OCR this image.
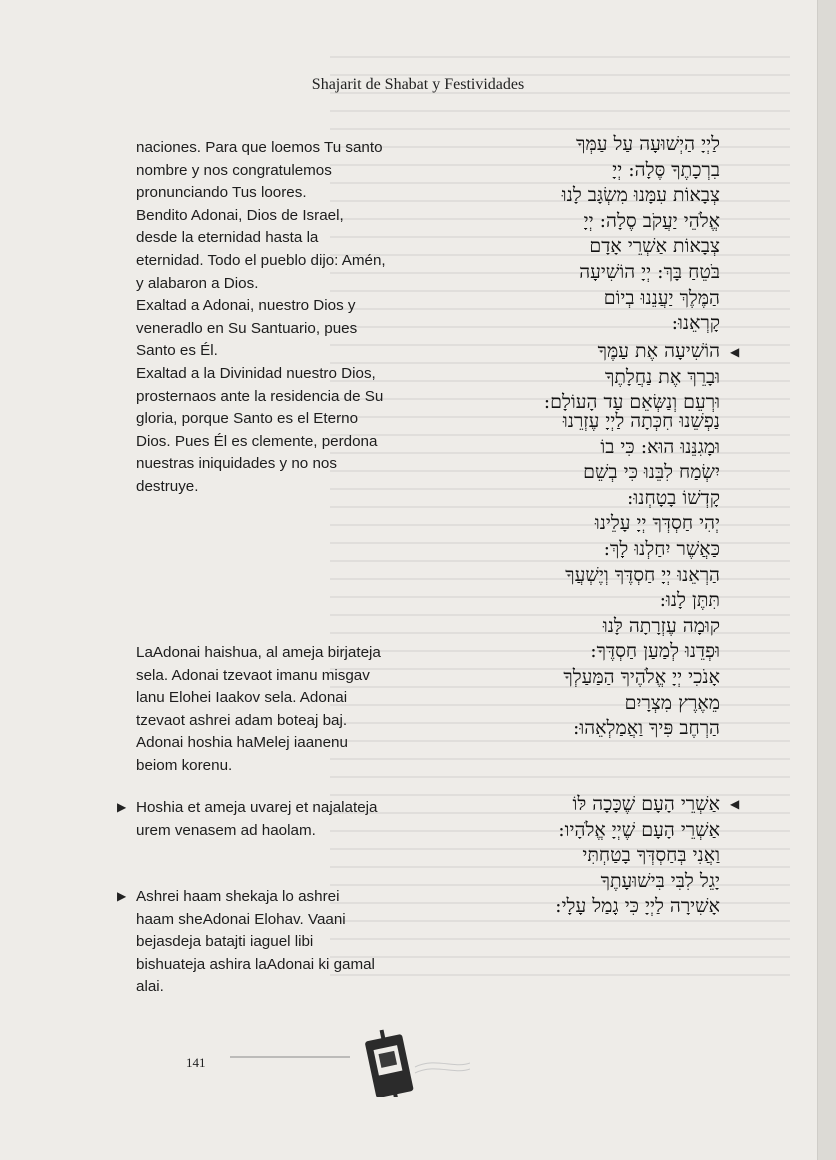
Shajarit de Shabat y Festividades

naciones. Para que loemos Tu santo nombre y nos congratulemos pronunciando Tus loores.

Bendito Adonai, Dios de Israel, desde la eternidad hasta la eternidad. Todo el pueblo dijo: Amén, y alabaron a Dios.

Exaltad a Adonai, nuestro Dios y veneradlo en Su Santuario, pues Santo es Él.

Exaltad a la Divinidad nuestro Dios, prosternaos ante la residencia de Su gloria, porque Santo es el Eterno Dios. Pues Él es clemente, perdona nuestras iniquidades y no nos destruye.

LaAdonai haishua, al ameja birjateja sela. Adonai tzevaot imanu misgav lanu Elohei Iaakov sela. Adonai tzevaot ashrei adam boteaj baj. Adonai hoshia haMelej iaanenu beiom korenu.

Hoshia et ameja uvarej et najalateja urem venasem ad haolam.

Ashrei haam shekaja lo ashrei haam sheAdonai Elohav. Vaani bejasdeja batajti iaguel libi bishuateja ashira laAdonai ki gamal alai.

▶
▶
◀
◀

לַיְיָ הַיְשׁוּעָה עַל עַמְּךָ

בִרְכָתֶךָ סֶּלָה: יְיָ

צְבָאוֹת עִמָּנוּ מִשְׂגָּב לָנוּ

אֱלֹהֵי יַעֲקֹב סֶלָה: יְיָ

צְבָאוֹת אַשְׁרֵי אָדָם

בֹּטֵחַ בָּךְ: יְיָ הוֹשִׁיעָה

הַמֶּלֶךְ יַעֲנֵנוּ בְיוֹם

קָרְאֵנוּ:

הוֹשִׁיעָה אֶת עַמֶּךָ

וּבָרֵךְ אֶת נַחֲלָתֶךָ

וּרְעֵם וְנַשְּׂאֵם עַד הָעוֹלָם:

נַפְשֵׁנוּ חִכְּתָה לַיְיָ עֶזְרֵנוּ

וּמָגִנֵּנוּ הוּא: כִּי בוֹ

יִשְׂמַח לִבֵּנוּ כִּי בְשֵׁם

קָדְשׁוֹ בָטָחְנוּ:

יְהִי חַסְדְּךָ יְיָ עָלֵינוּ

כַּאֲשֶׁר יִחַלְנוּ לָךְ:

הַרְאֵנוּ יְיָ חַסְדֶּךָ וְיֶשְׁעֲךָ

תִּתֶּן לָנוּ:

קוּמָה עֶזְרָתָה לָּנוּ

וּפְדֵנוּ לְמַעַן חַסְדֶּךָ:

אָנֹכִי יְיָ אֱלֹהֶיךָ הַמַּעַלְךָ

מֵאֶרֶץ מִצְרָיִם

הַרְחֶב פִּיךָ וַאֲמַלְאֵהוּ:

אַשְׁרֵי הָעָם שֶׁכָּכָה לּוֹ

אַשְׁרֵי הָעָם שֶׁיְיָ אֱלֹהָיו:

וַאֲנִי בְּחַסְדְּךָ בָטַחְתִּי

יָגֵל לִבִּי בִּישׁוּעָתֶךָ

אָשִׁירָה לַיְיָ כִּי גָמַל עָלָי:

141
